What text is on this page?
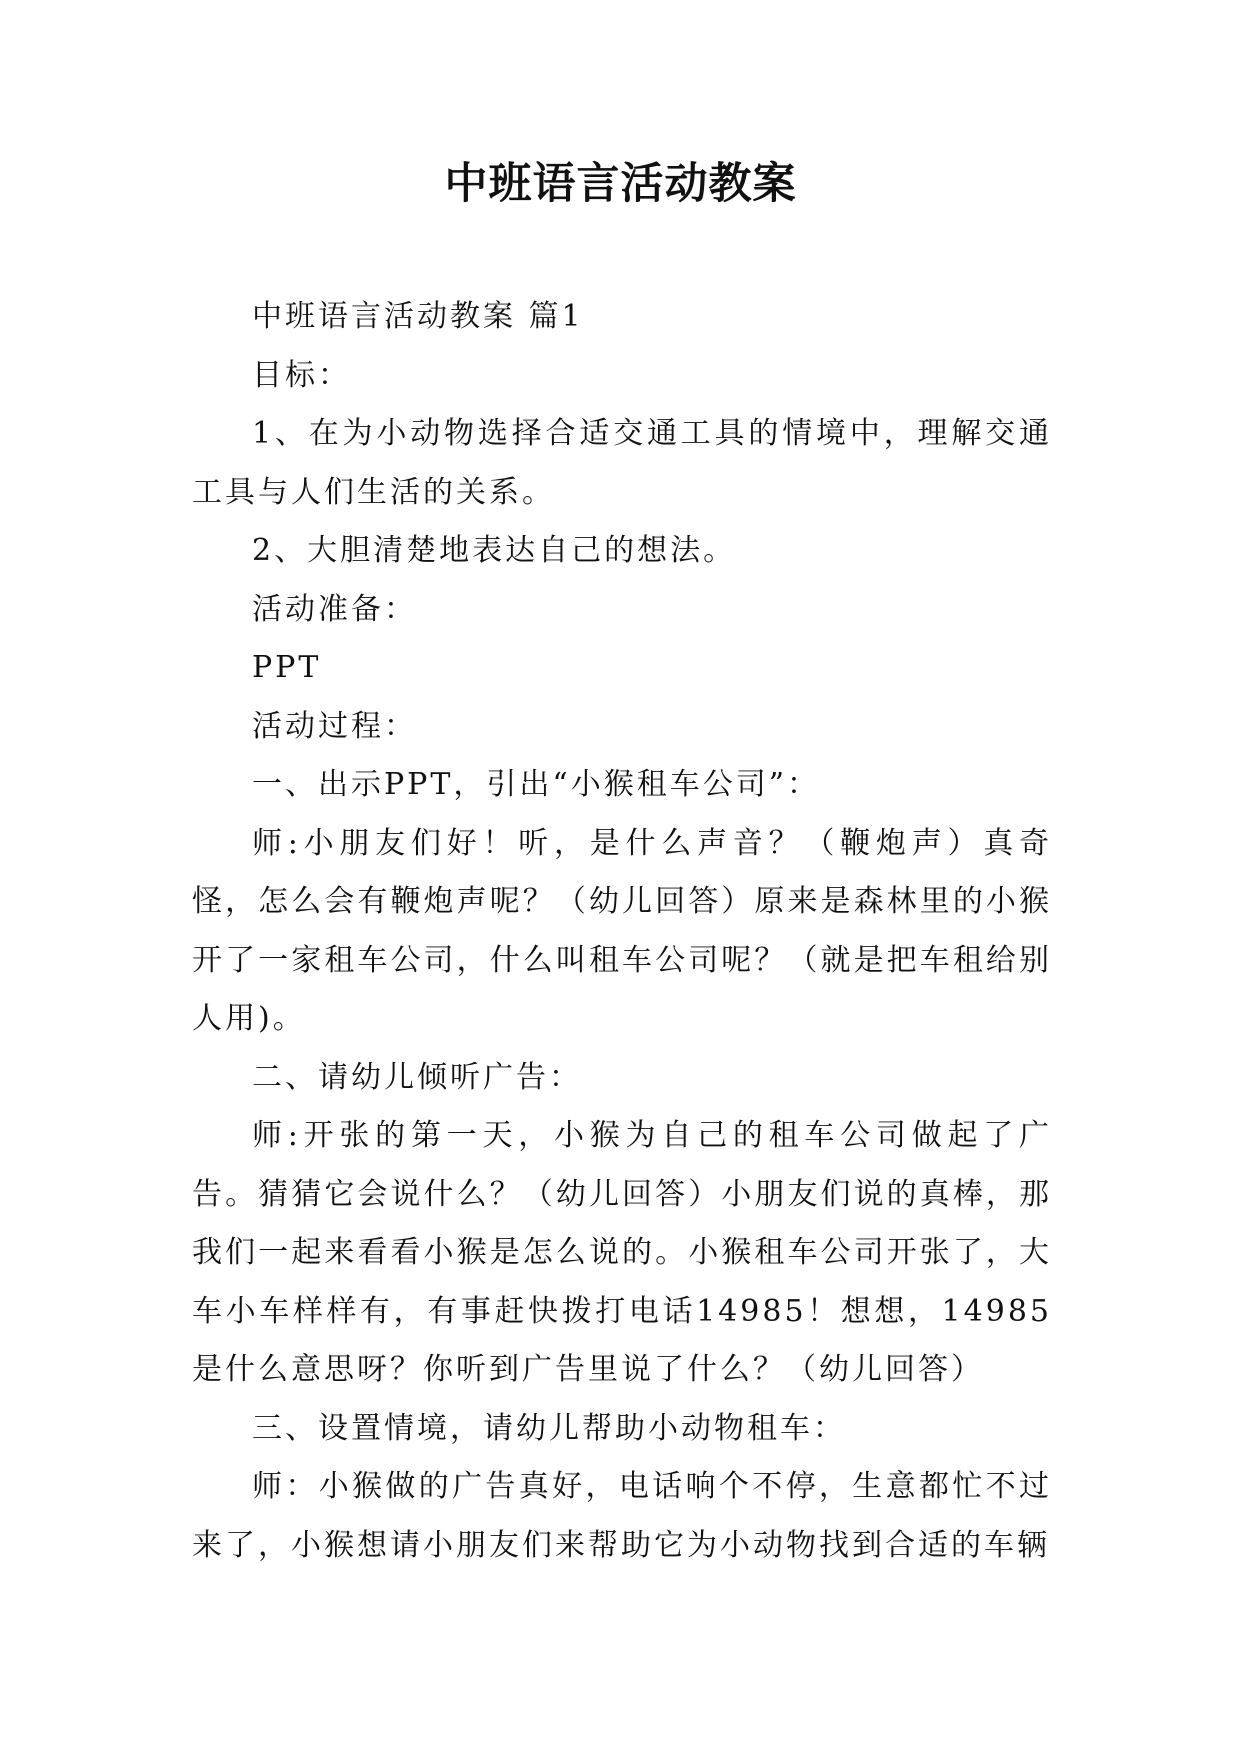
中班语言活动教案

中班语言活动教案 篇1

目标：

1、在为小动物选择合适交通工具的情境中，理解交通工具与人们生活的关系。

2、大胆清楚地表达自己的想法。

活动准备：

PPT

活动过程：

一、出示PPT，引出“小猴租车公司”：

师:小朋友们好！听，是什么声音？（鞭炮声）真奇怪，怎么会有鞭炮声呢？（幼儿回答）原来是森林里的小猴开了一家租车公司，什么叫租车公司呢？（就是把车租给别人用)。

二、请幼儿倾听广告：

师:开张的第一天，小猴为自己的租车公司做起了广告。猜猜它会说什么？（幼儿回答）小朋友们说的真棒，那我们一起来看看小猴是怎么说的。小猴租车公司开张了，大车小车样样有，有事赶快拨打电话14985！想想，14985是什么意思呀？你听到广告里说了什么？（幼儿回答）

三、设置情境，请幼儿帮助小动物租车：

师：小猴做的广告真好，电话响个不停，生意都忙不过来了，小猴想请小朋友们来帮助它为小动物找到合适的车辆
